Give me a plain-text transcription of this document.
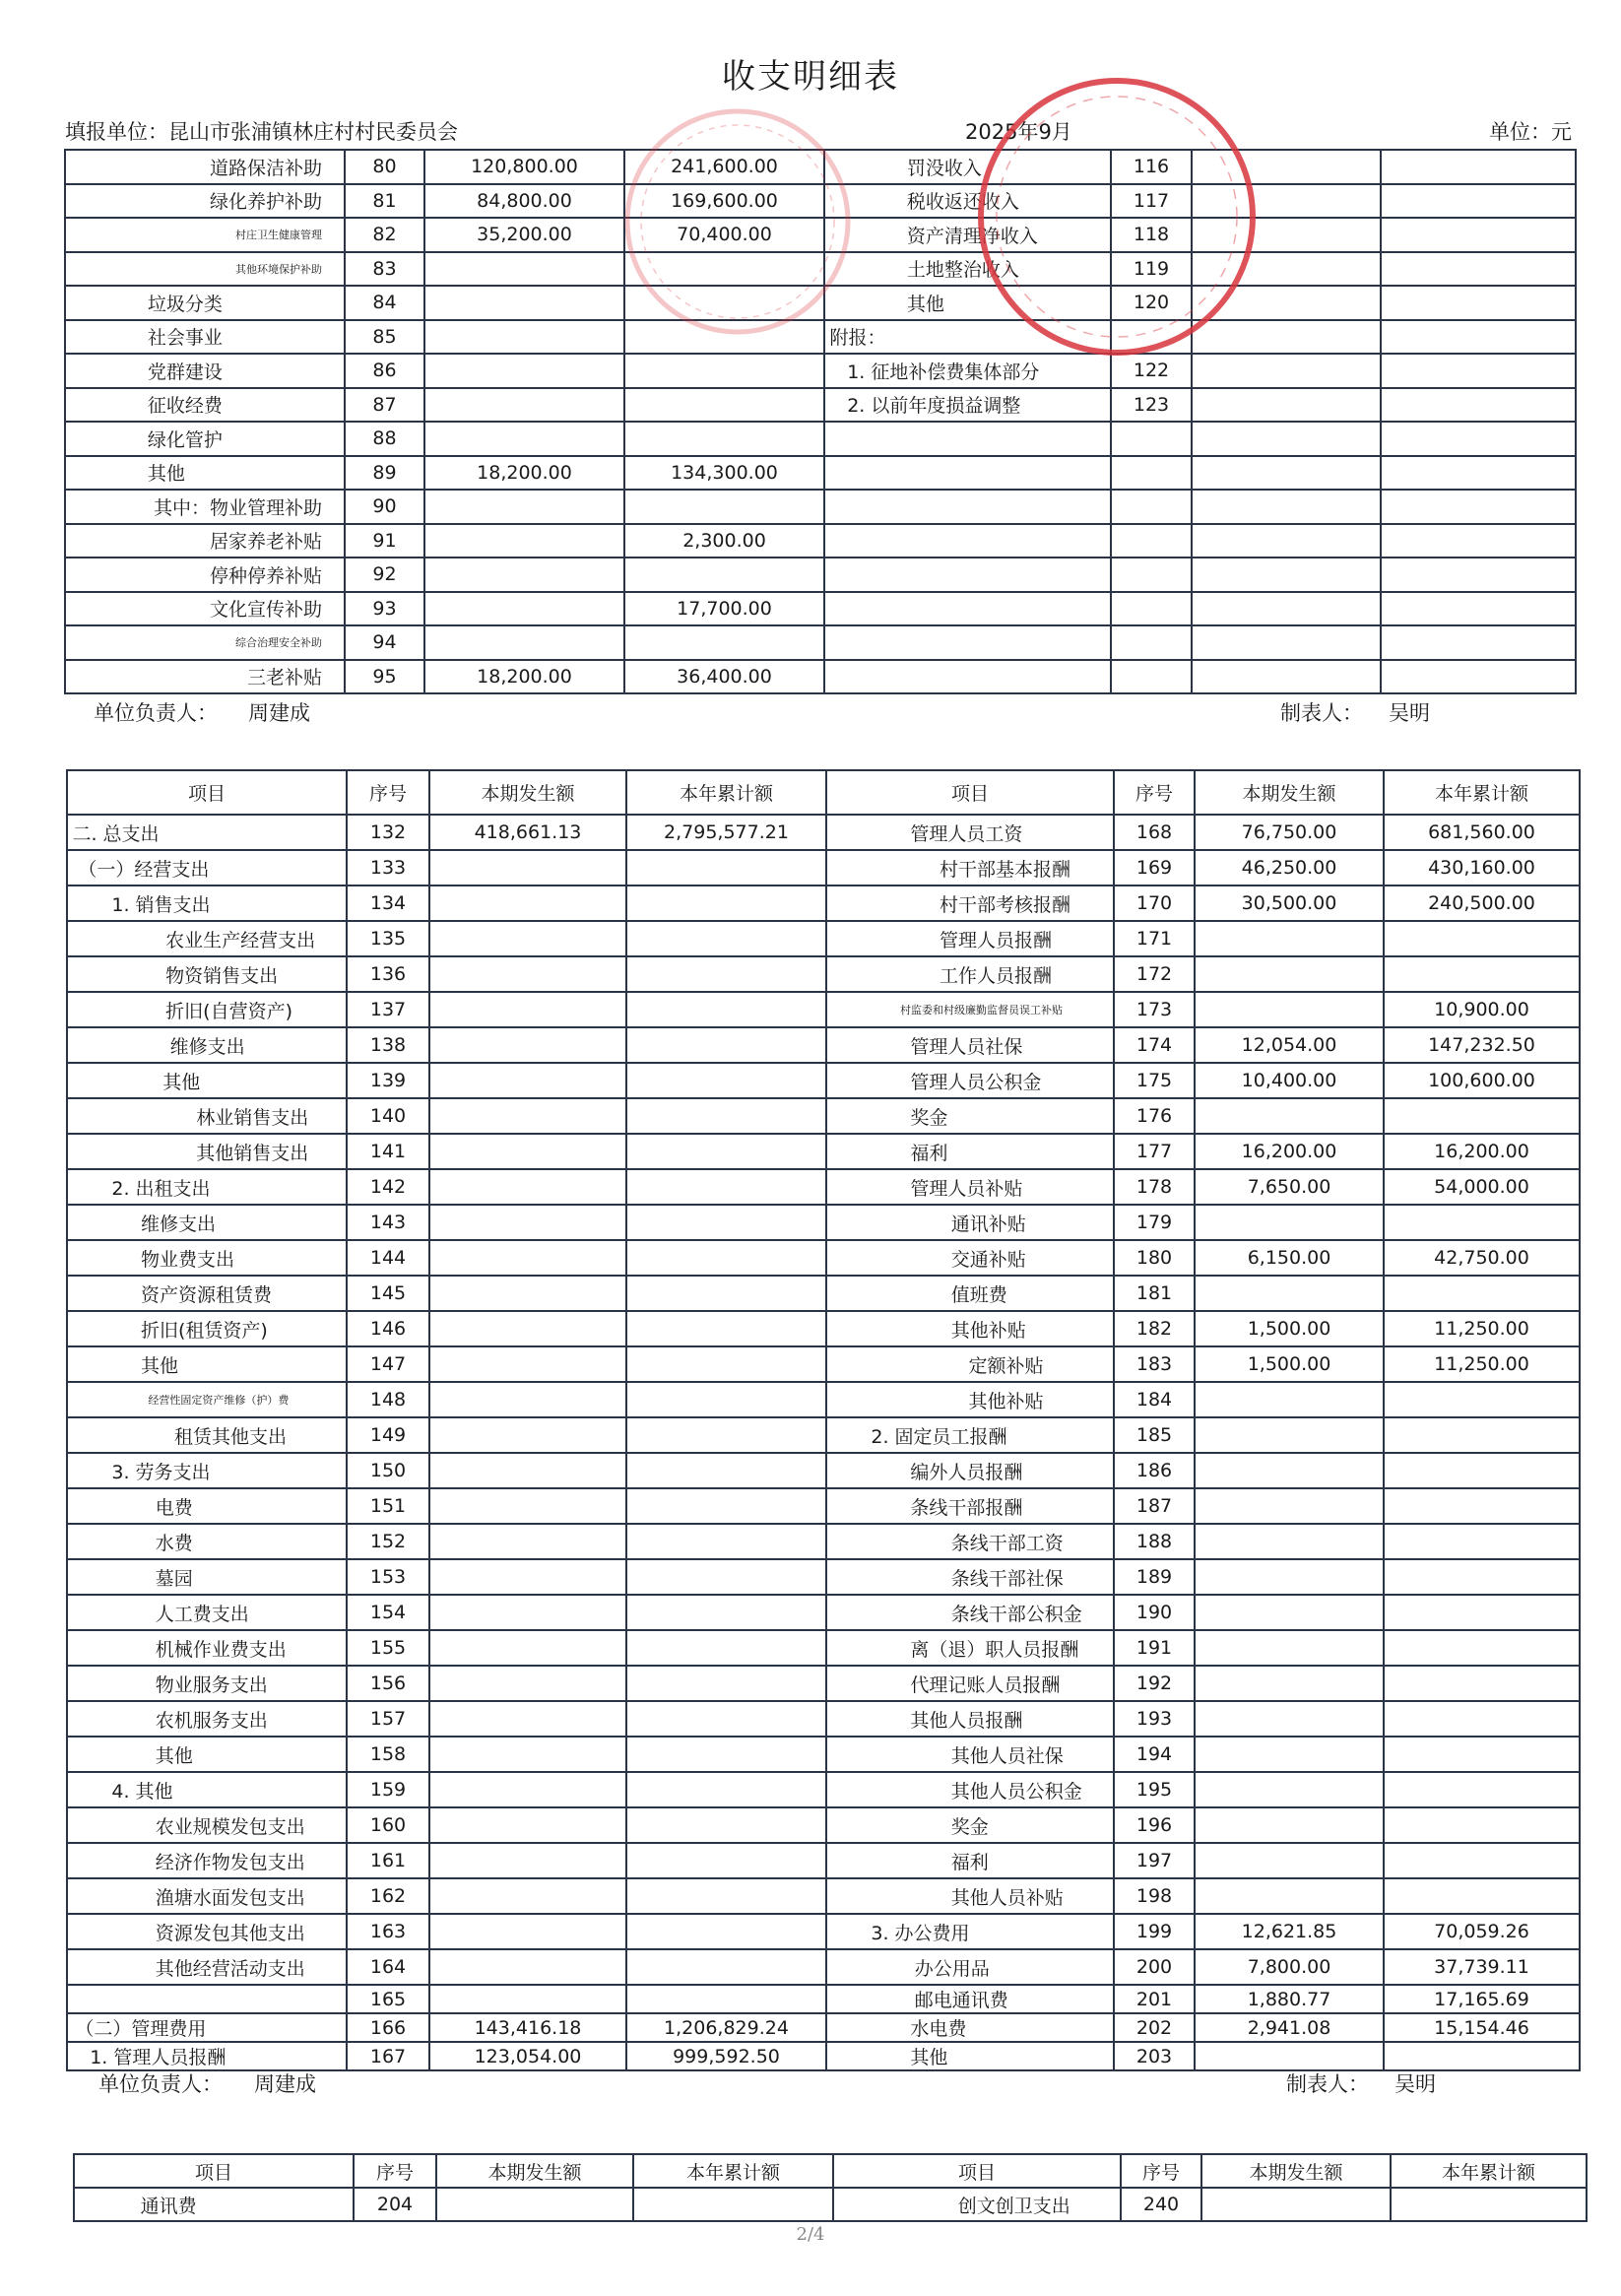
收支明细表
填报单位：昆山市张浦镇林庄村村民委员会	2025年9月	单位：元
道路保洁补助	80	120,800.00	241,600.00	罚没收入	116		
绿化养护补助	81	84,800.00	169,600.00	税收返还收入	117		
村庄卫生健康管理	82	35,200.00	70,400.00	资产清理净收入	118		
其他环境保护补助	83			土地整治收入	119		
垃圾分类	84			其他	120		
社会事业	85			附报：			
党群建设	86			1. 征地补偿费集体部分	122		
征收经费	87			2. 以前年度损益调整	123		
绿化管护	88						
其他	89	18,200.00	134,300.00				
其中：物业管理补助	90						
居家养老补贴	91		2,300.00				
停种停养补贴	92						
文化宣传补助	93		17,700.00				
综合治理安全补助	94						
三老补贴	95	18,200.00	36,400.00				
单位负责人： 周建成	制表人： 吴明
项目	序号	本期发生额	本年累计额	项目	序号	本期发生额	本年累计额
二. 总支出	132	418,661.13	2,795,577.21	管理人员工资	168	76,750.00	681,560.00
（一）经营支出	133			村干部基本报酬	169	46,250.00	430,160.00
1. 销售支出	134			村干部考核报酬	170	30,500.00	240,500.00
农业生产经营支出	135			管理人员报酬	171		
物资销售支出	136			工作人员报酬	172		
折旧(自营资产)	137			村监委和村级廉勤监督员误工补贴	173		10,900.00
维修支出	138			管理人员社保	174	12,054.00	147,232.50
其他	139			管理人员公积金	175	10,400.00	100,600.00
林业销售支出	140			奖金	176		
其他销售支出	141			福利	177	16,200.00	16,200.00
2. 出租支出	142			管理人员补贴	178	7,650.00	54,000.00
维修支出	143			通讯补贴	179		
物业费支出	144			交通补贴	180	6,150.00	42,750.00
资产资源租赁费	145			值班费	181		
折旧(租赁资产)	146			其他补贴	182	1,500.00	11,250.00
其他	147			定额补贴	183	1,500.00	11,250.00
经营性固定资产维修（护）费	148			其他补贴	184		
租赁其他支出	149			2. 固定员工报酬	185		
3. 劳务支出	150			编外人员报酬	186		
电费	151			条线干部报酬	187		
水费	152			条线干部工资	188		
墓园	153			条线干部社保	189		
人工费支出	154			条线干部公积金	190		
机械作业费支出	155			离（退）职人员报酬	191		
物业服务支出	156			代理记账人员报酬	192		
农机服务支出	157			其他人员报酬	193		
其他	158			其他人员社保	194		
4. 其他	159			其他人员公积金	195		
农业规模发包支出	160			奖金	196		
经济作物发包支出	161			福利	197		
渔塘水面发包支出	162			其他人员补贴	198		
资源发包其他支出	163			3. 办公费用	199	12,621.85	70,059.26
其他经营活动支出	164			办公用品	200	7,800.00	37,739.11
	165			邮电通讯费	201	1,880.77	17,165.69
（二）管理费用	166	143,416.18	1,206,829.24	水电费	202	2,941.08	15,154.46
1. 管理人员报酬	167	123,054.00	999,592.50	其他	203		
单位负责人： 周建成	制表人： 吴明
项目	序号	本期发生额	本年累计额	项目	序号	本期发生额	本年累计额
通讯费	204			创文创卫支出	240		
2/4
